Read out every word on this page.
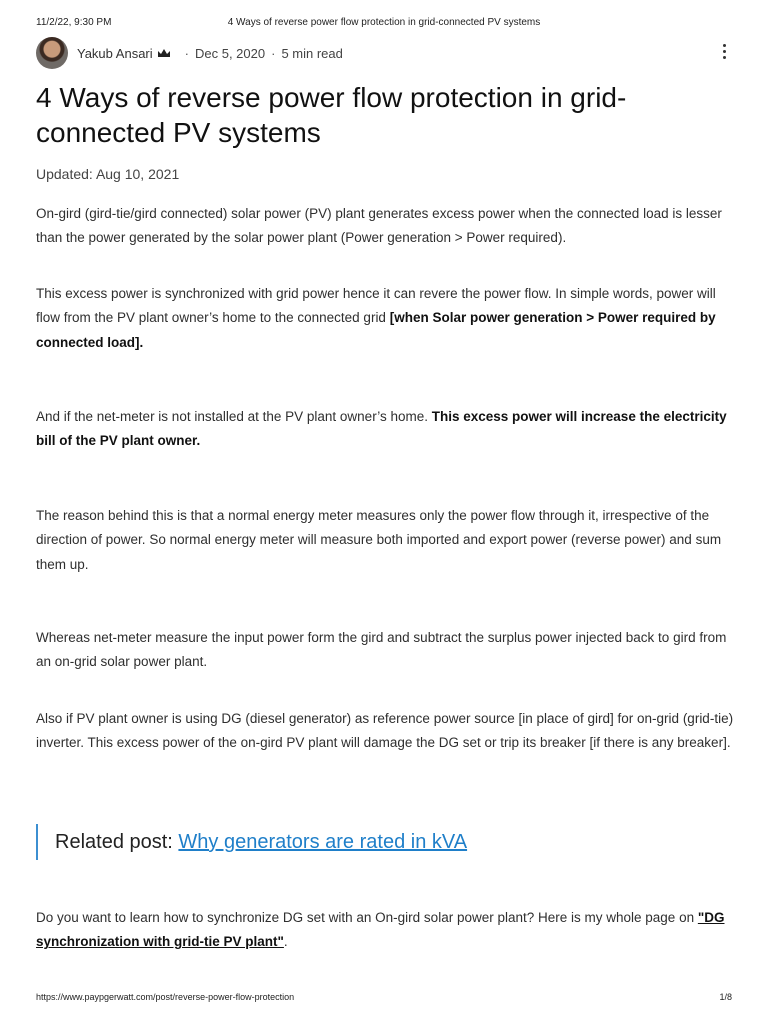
11/2/22, 9:30 PM	4 Ways of reverse power flow protection in grid-connected PV systems
Yakub Ansari · Dec 5, 2020 · 5 min read
4 Ways of reverse power flow protection in grid-connected PV systems
Updated: Aug 10, 2021

On-gird (gird-tie/gird connected) solar power (PV) plant generates excess power when the connected load is lesser than the power generated by the solar power plant (Power generation > Power required).

This excess power is synchronized with grid power hence it can revere the power flow. In simple words, power will flow from the PV plant owner’s home to the connected grid [when Solar power generation > Power required by connected load].

And if the net-meter is not installed at the PV plant owner’s home. This excess power will increase the electricity bill of the PV plant owner.

The reason behind this is that a normal energy meter measures only the power flow through it, irrespective of the direction of power. So normal energy meter will measure both imported and export power (reverse power) and sum them up.

Whereas net-meter measure the input power form the gird and subtract the surplus power injected back to gird from an on-grid solar power plant.

Also if PV plant owner is using DG (diesel generator) as reference power source [in place of gird] for on-grid (grid-tie) inverter. This excess power of the on-gird PV plant will damage the DG set or trip its breaker [if there is any breaker].

Related post: Why generators are rated in kVA

Do you want to learn how to synchronize DG set with an On-gird solar power plant? Here is my whole page on "DG synchronization with grid-tie PV plant".

https://www.paypgerwatt.com/post/reverse-power-flow-protection	1/8
